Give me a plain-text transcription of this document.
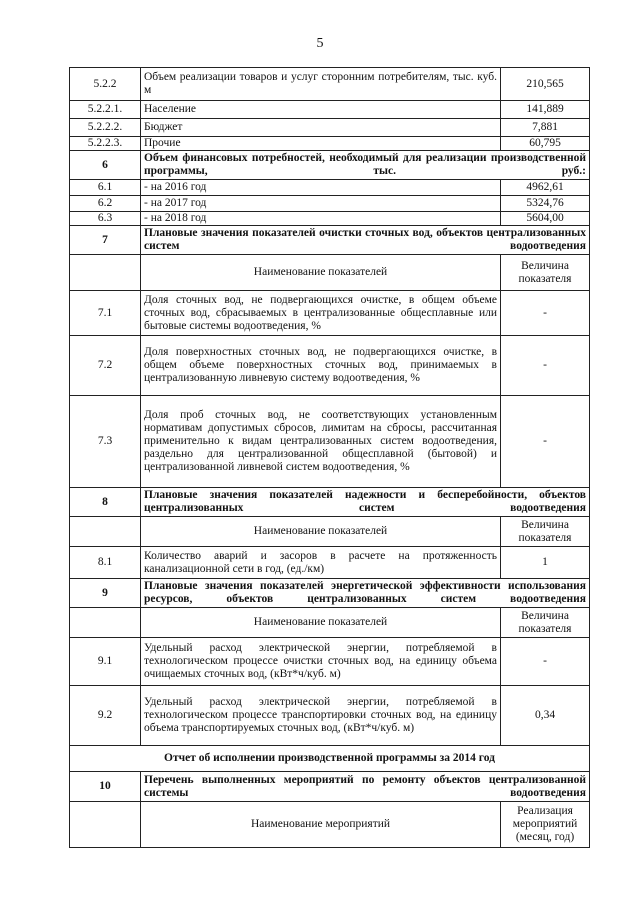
5
5.2.2	Объем реализации товаров и услуг сторонним потребителям, тыс. куб. м	210,565
5.2.2.1.	Население	141,889
5.2.2.2.	Бюджет	7,881
5.2.2.3.	Прочие	60,795
6	Объем финансовых потребностей, необходимый для реализации производственной программы, тыс. руб.:	
6.1	- на 2016 год	4962,61
6.2	- на 2017 год	5324,76
6.3	- на 2018 год	5604,00
7	Плановые значения показателей очистки сточных вод, объектов централизованных систем водоотведения	
	Наименование показателей	Величина показателя
7.1	Доля сточных вод, не подвергающихся очистке, в общем объеме сточных вод, сбрасываемых в централизованные общесплавные или бытовые системы водоотведения, %	-
7.2	Доля поверхностных сточных вод, не подвергающихся очистке, в общем объеме поверхностных сточных вод, принимаемых в централизованную ливневую систему водоотведения, %	-
7.3	Доля проб сточных вод, не соответствующих установленным нормативам допустимых сбросов, лимитам на сбросы, рассчитанная применительно к видам централизованных систем водоотведения, раздельно для централизованной общесплавной (бытовой) и централизованной ливневой систем водоотведения, %	-
8	Плановые значения показателей надежности и бесперебойности, объектов централизованных систем водоотведения	
	Наименование показателей	Величина показателя
8.1	Количество аварий и засоров в расчете на протяженность канализационной сети в год, (ед./км)	1
9	Плановые значения показателей энергетической эффективности использования ресурсов, объектов централизованных систем водоотведения	
	Наименование показателей	Величина показателя
9.1	Удельный расход электрической энергии, потребляемой в технологическом процессе очистки сточных вод, на единицу объема очищаемых сточных вод, (кВт*ч/куб. м)	-
9.2	Удельный расход электрической энергии, потребляемой в технологическом процессе транспортировки сточных вод, на единицу объема транспортируемых сточных вод, (кВт*ч/куб. м)	0,34
Отчет об исполнении производственной программы за 2014 год		
10	Перечень выполненных мероприятий по ремонту объектов централизованной системы водоотведения	
	Наименование мероприятий	Реализация мероприятий (месяц, год)
